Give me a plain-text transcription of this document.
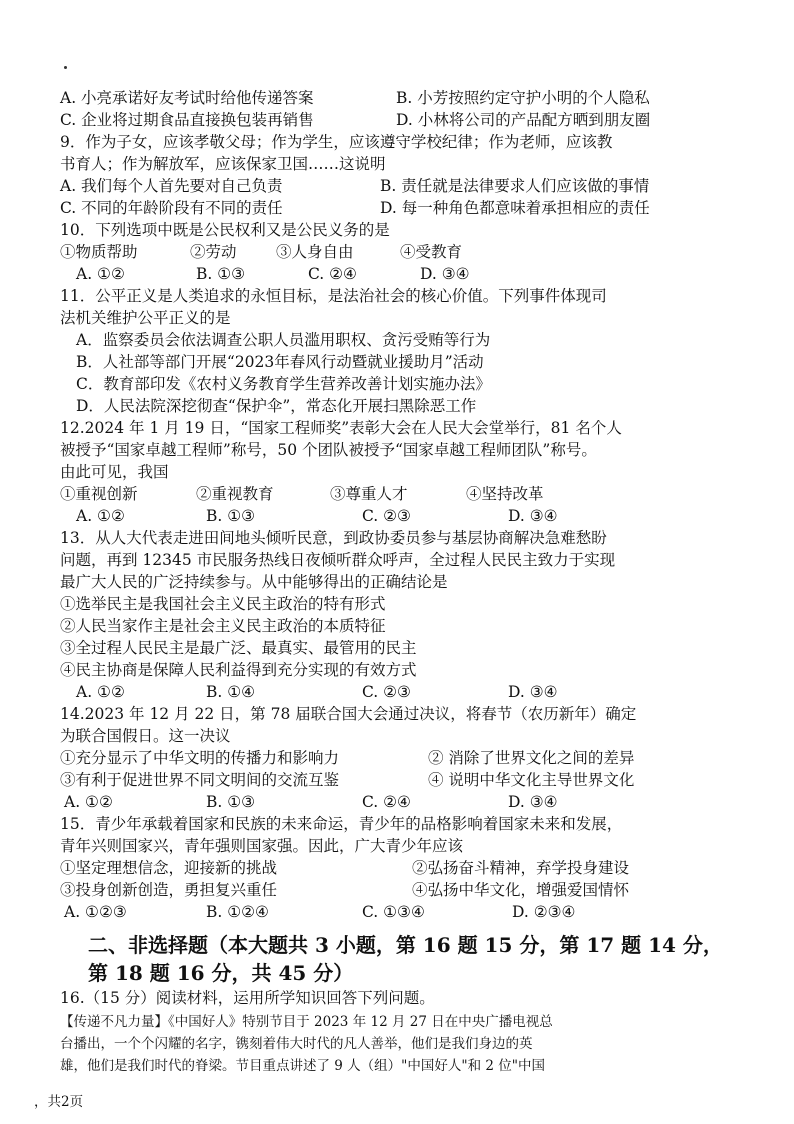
A. 小亮承诺好友考试时给他传递答案	B. 小芳按照约定守护小明的个人隐私
C. 企业将过期食品直接换包装再销售	D. 小林将公司的产品配方晒到朋友圈
9．作为子女，应该孝敬父母；作为学生，应该遵守学校纪律；作为老师，应该教
书育人；作为解放军，应该保家卫国……这说明
A. 我们每个人首先要对自己负责	B. 责任就是法律要求人们应该做的事情
C. 不同的年龄阶段有不同的责任	D. 每一种角色都意味着承担相应的责任
10．下列选项中既是公民权利又是公民义务的是
①物质帮助	②劳动	③人身自由	④受教育
A. ①②	B. ①③	C. ②④	D. ③④
11．公平正义是人类追求的永恒目标，是法治社会的核心价值。下列事件体现司
法机关维护公平正义的是
A．监察委员会依法调查公职人员滥用职权、贪污受贿等行为
B．人社部等部门开展“2023年春风行动暨就业援助月”活动
C．教育部印发《农村义务教育学生营养改善计划实施办法》
D．人民法院深挖彻查“保护伞”，常态化开展扫黑除恶工作
12.2024 年 1 月 19 日，“国家工程师奖”表彰大会在人民大会堂举行，81 名个人
被授予“国家卓越工程师”称号，50 个团队被授予“国家卓越工程师团队”称号。
由此可见，我国
①重视创新	②重视教育	③尊重人才	④坚持改革
A. ①②	B. ①③	C. ②③	D. ③④
13．从人大代表走进田间地头倾听民意，到政协委员参与基层协商解决急难愁盼
问题，再到 12345 市民服务热线日夜倾听群众呼声，全过程人民民主致力于实现
最广大人民的广泛持续参与。从中能够得出的正确结论是
①选举民主是我国社会主义民主政治的特有形式
②人民当家作主是社会主义民主政治的本质特征
③全过程人民民主是最广泛、最真实、最管用的民主
④民主协商是保障人民利益得到充分实现的有效方式
A. ①②	B. ①④	C. ②③	D. ③④
14.2023 年 12 月 22 日，第 78 届联合国大会通过决议，将春节（农历新年）确定
为联合国假日。这一决议
①充分显示了中华文明的传播力和影响力	② 消除了世界文化之间的差异
③有利于促进世界不同文明间的交流互鉴	④ 说明中华文化主导世界文化
A. ①②	B. ①③	C. ②④	D. ③④
15．青少年承载着国家和民族的未来命运，青少年的品格影响着国家未来和发展，
青年兴则国家兴，青年强则国家强。因此，广大青少年应该
①坚定理想信念，迎接新的挑战	②弘扬奋斗精神，弃学投身建设
③投身创新创造，勇担复兴重任	④弘扬中华文化，增强爱国情怀
A. ①②③	B. ①②④	C. ①③④	D. ②③④
二、非选择题（本大题共 3 小题，第 16 题 15 分，第 17 题 14 分，
第 18 题 16 分，共 45 分）
16.（15 分）阅读材料，运用所学知识回答下列问题。
【传递不凡力量】《中国好人》特别节目于 2023 年 12 月 27 日在中央广播电视总
台播出，一个个闪耀的名字，镌刻着伟大时代的凡人善举，他们是我们身边的英
雄，他们是我们时代的脊梁。节目重点讲述了 9 人（组）"中国好人"和 2 位"中国
，共2页
